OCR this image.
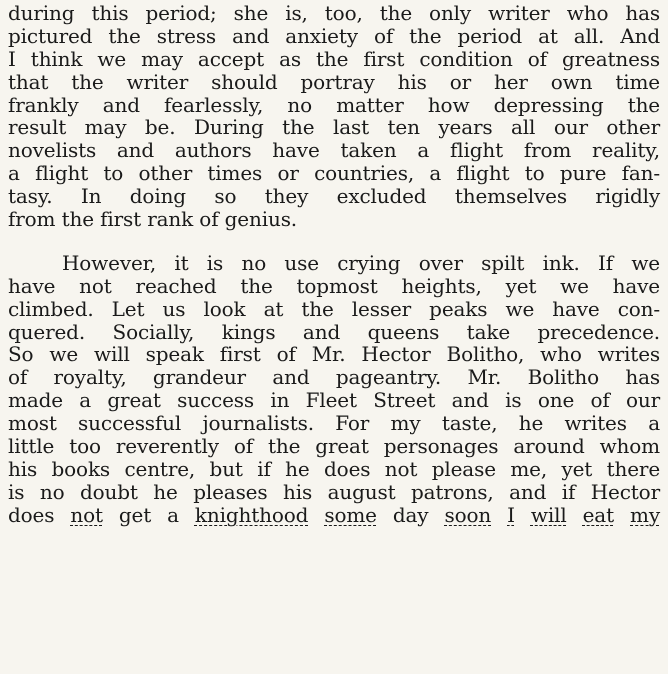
during this period; she is, too, the only writer who has
pictured the stress and anxiety of the period at all. And
I think we may accept as the first condition of greatness
that the writer should portray his or her own time
frankly and fearlessly, no matter how depressing the
result may be. During the last ten years all our other
novelists and authors have taken a flight from reality,
a flight to other times or countries, a flight to pure fan-
tasy. In doing so they excluded themselves rigidly
from the first rank of genius.
However, it is no use crying over spilt ink. If we
have not reached the topmost heights, yet we have
climbed. Let us look at the lesser peaks we have con-
quered. Socially, kings and queens take precedence.
So we will speak first of Mr. Hector Bolitho, who writes
of royalty, grandeur and pageantry. Mr. Bolitho has
made a great success in Fleet Street and is one of our
most successful journalists. For my taste, he writes a
little too reverently of the great personages around whom
his books centre, but if he does not please me, yet there
is no doubt he pleases his august patrons, and if Hector
does not get a knighthood some day soon I will eat my
